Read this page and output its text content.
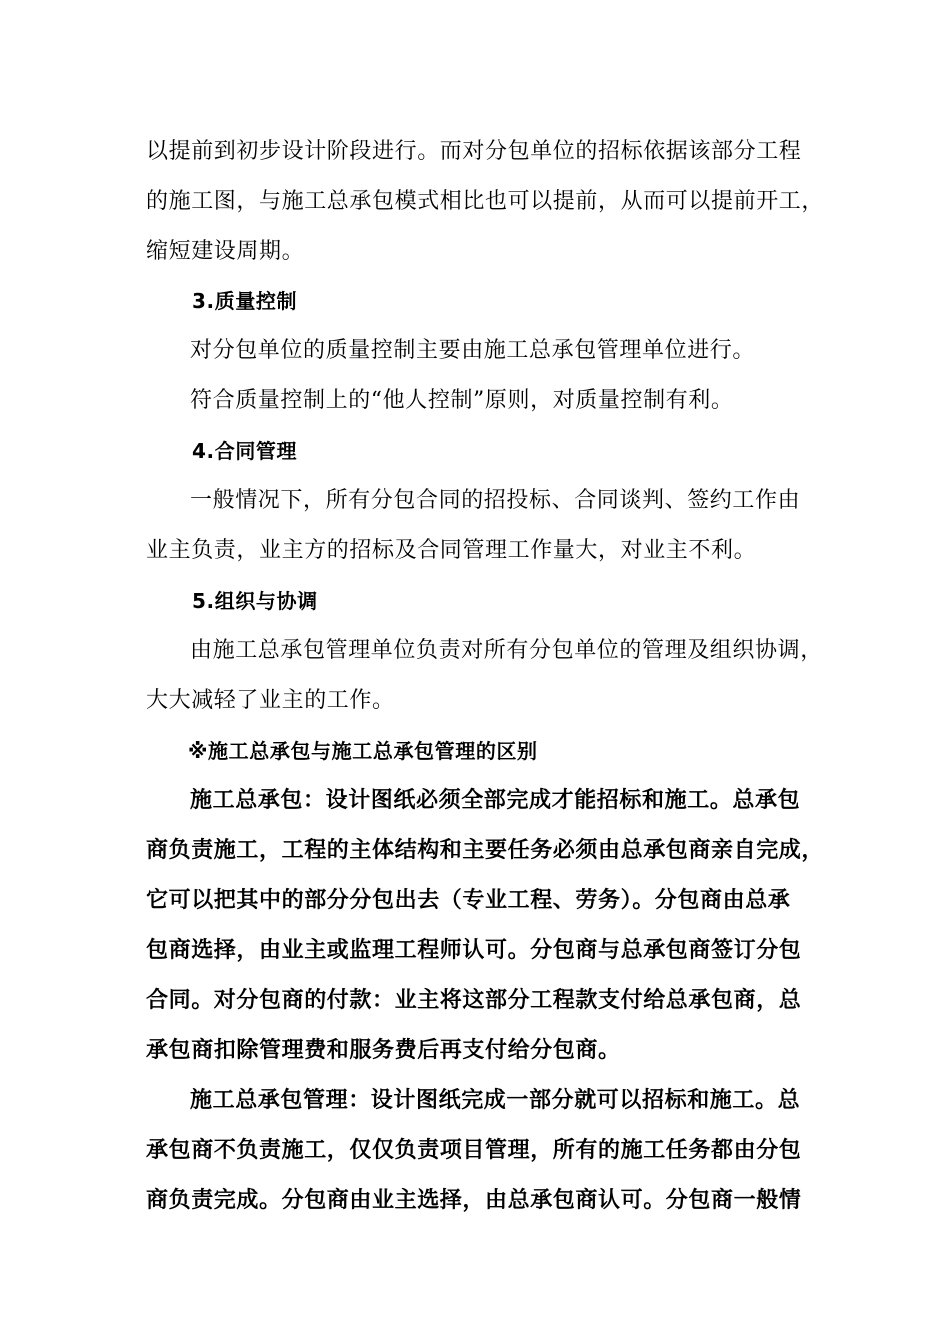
以提前到初步设计阶段进行。而对分包单位的招标依据该部分工程
的施工图，与施工总承包模式相比也可以提前，从而可以提前开工，
缩短建设周期。
3.质量控制
对分包单位的质量控制主要由施工总承包管理单位进行。
符合质量控制上的“他人控制”原则，对质量控制有利。
4.合同管理
一般情况下，所有分包合同的招投标、合同谈判、签约工作由
业主负责，业主方的招标及合同管理工作量大，对业主不利。
5.组织与协调
由施工总承包管理单位负责对所有分包单位的管理及组织协调，
大大减轻了业主的工作。
※施工总承包与施工总承包管理的区别
施工总承包：设计图纸必须全部完成才能招标和施工。总承包
商负责施工，工程的主体结构和主要任务必须由总承包商亲自完成，
它可以把其中的部分分包出去（专业工程、劳务）。分包商由总承
包商选择，由业主或监理工程师认可。分包商与总承包商签订分包
合同。对分包商的付款：业主将这部分工程款支付给总承包商，总
承包商扣除管理费和服务费后再支付给分包商。
施工总承包管理：设计图纸完成一部分就可以招标和施工。总
承包商不负责施工，仅仅负责项目管理，所有的施工任务都由分包
商负责完成。分包商由业主选择，由总承包商认可。分包商一般情
